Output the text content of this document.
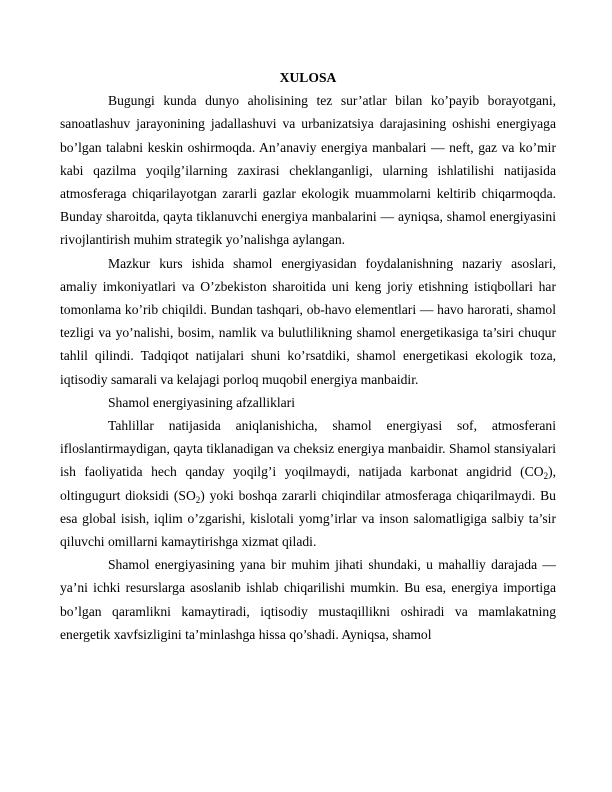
XULOSA

Bugungi kunda dunyo aholisining tez sur’atlar bilan ko’payib borayotgani, sanoatlashuv jarayonining jadallashuvi va urbanizatsiya darajasining oshishi energiyaga bo’lgan talabni keskin oshirmoqda. An’anaviy energiya manbalari — neft, gaz va ko’mir kabi qazilma yoqilg’ilarning zaxirasi cheklanganligi, ularning ishlatilishi natijasida atmosferaga chiqarilayotgan zararli gazlar ekologik muammolarni keltirib chiqarmoqda. Bunday sharoitda, qayta tiklanuvchi energiya manbalarini — ayniqsa, shamol energiyasini rivojlantirish muhim strategik yo’nalishga aylangan.

Mazkur kurs ishida shamol energiyasidan foydalanishning nazariy asoslari, amaliy imkoniyatlari va O’zbekiston sharoitida uni keng joriy etishning istiqbollari har tomonlama ko’rib chiqildi. Bundan tashqari, ob-havo elementlari — havo harorati, shamol tezligi va yo’nalishi, bosim, namlik va bulutlilikning shamol energetikasiga ta’siri chuqur tahlil qilindi. Tadqiqot natijalari shuni ko’rsatdiki, shamol energetikasi ekologik toza, iqtisodiy samarali va kelajagi porloq muqobil energiya manbaidir.

Shamol energiyasining afzalliklari

Tahlillar natijasida aniqlanishicha, shamol energiyasi sof, atmosferani ifloslantirmaydigan, qayta tiklanadigan va cheksiz energiya manbaidir. Shamol stansiyalari ish faoliyatida hech qanday yoqilg’i yoqilmaydi, natijada karbonat angidrid $(CO_2)$, oltingugurt dioksidi $(SO_2)$ yoki boshqa zararli chiqindilar atmosferaga chiqarilmaydi. Bu esa global isish, iqlim o’zgarishi, kislotali yomg’irlar va inson salomatligiga salbiy ta’sir qiluvchi omillarni kamaytirishga xizmat qiladi.

Shamol energiyasining yana bir muhim jihati shundaki, u mahalliy darajada — ya’ni ichki resurslarga asoslanib ishlab chiqarilishi mumkin. Bu esa, energiya importiga bo’lgan qaramlikni kamaytiradi, iqtisodiy mustaqillikni oshiradi va mamlakatning energetik xavfsizligini ta’minlashga hissa qo’shadi. Ayniqsa, shamol
